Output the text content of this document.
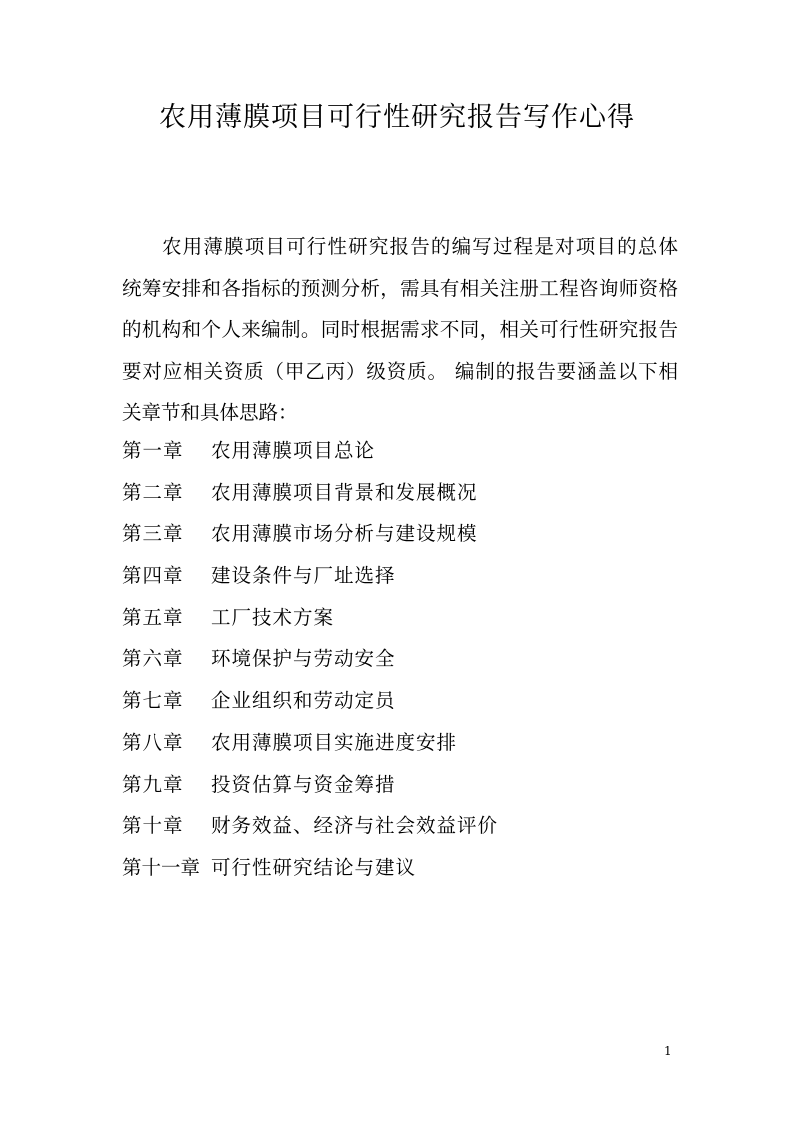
农用薄膜项目可行性研究报告写作心得
农用薄膜项目可行性研究报告的编写过程是对项目的总体
统筹安排和各指标的预测分析，需具有相关注册工程咨询师资格
的机构和个人来编制。同时根据需求不同，相关可行性研究报告
要对应相关资质（甲乙丙）级资质。 编制的报告要涵盖以下相
关章节和具体思路：
第一章	农用薄膜项目总论
第二章	农用薄膜项目背景和发展概况
第三章	农用薄膜市场分析与建设规模
第四章	建设条件与厂址选择
第五章	工厂技术方案
第六章	环境保护与劳动安全
第七章	企业组织和劳动定员
第八章	农用薄膜项目实施进度安排
第九章	投资估算与资金筹措
第十章	财务效益、经济与社会效益评价
第十一章 可行性研究结论与建议
1
